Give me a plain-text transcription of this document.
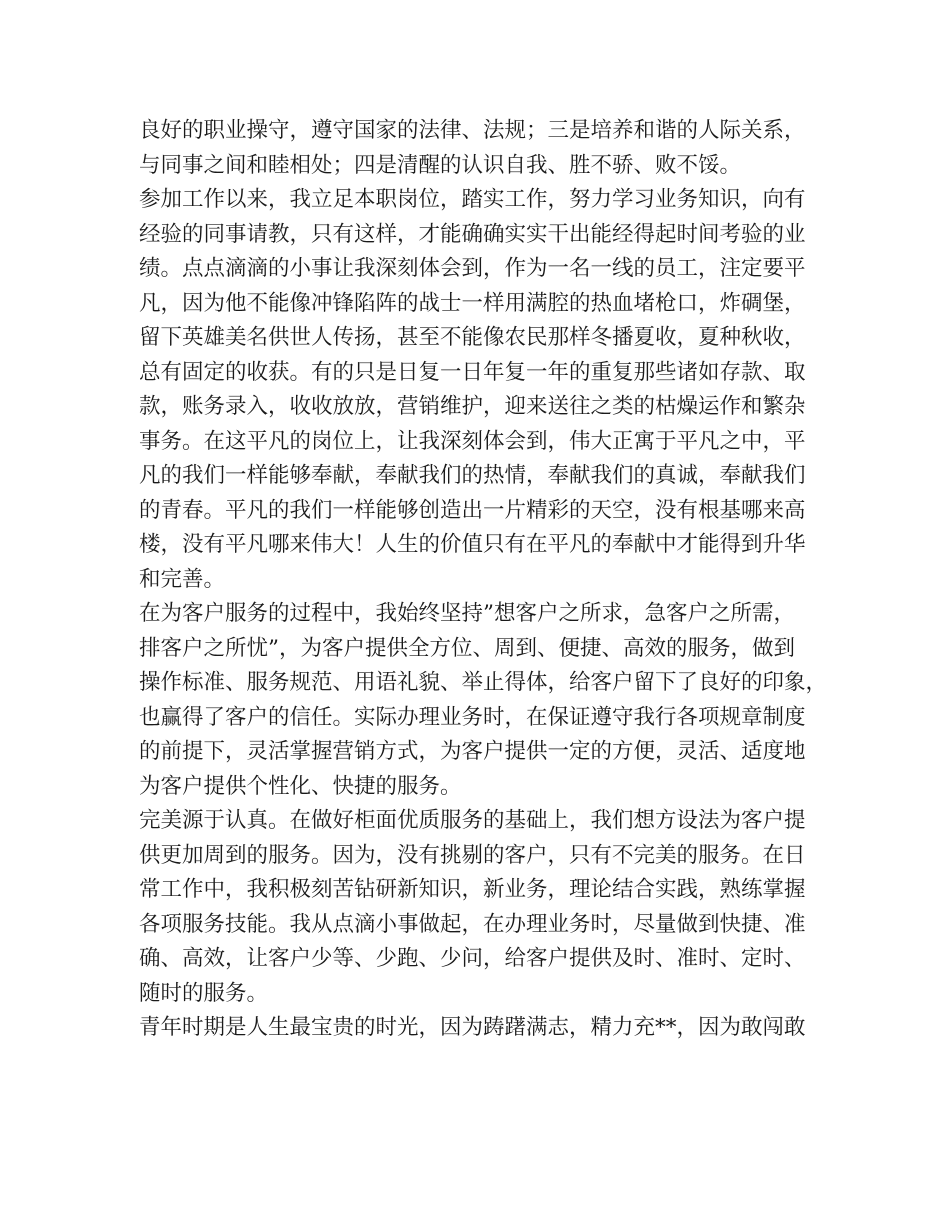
良好的职业操守，遵守国家的法律、法规；三是培养和谐的人际关系，
与同事之间和睦相处；四是清醒的认识自我、胜不骄、败不馁。
参加工作以来，我立足本职岗位，踏实工作，努力学习业务知识，向有
经验的同事请教，只有这样，才能确确实实干出能经得起时间考验的业
绩。点点滴滴的小事让我深刻体会到，作为一名一线的员工，注定要平
凡，因为他不能像冲锋陷阵的战士一样用满腔的热血堵枪口，炸碉堡，
留下英雄美名供世人传扬，甚至不能像农民那样冬播夏收，夏种秋收，
总有固定的收获。有的只是日复一日年复一年的重复那些诸如存款、取
款，账务录入，收收放放，营销维护，迎来送往之类的枯燥运作和繁杂
事务。在这平凡的岗位上，让我深刻体会到，伟大正寓于平凡之中，平
凡的我们一样能够奉献，奉献我们的热情，奉献我们的真诚，奉献我们
的青春。平凡的我们一样能够创造出一片精彩的天空，没有根基哪来高
楼，没有平凡哪来伟大！人生的价值只有在平凡的奉献中才能得到升华
和完善。
在为客户服务的过程中，我始终坚持”想客户之所求，急客户之所需，
排客户之所忧”，为客户提供全方位、周到、便捷、高效的服务，做到
操作标准、服务规范、用语礼貌、举止得体，给客户留下了良好的印象，
也赢得了客户的信任。实际办理业务时，在保证遵守我行各项规章制度
的前提下，灵活掌握营销方式，为客户提供一定的方便，灵活、适度地
为客户提供个性化、快捷的服务。
完美源于认真。在做好柜面优质服务的基础上，我们想方设法为客户提
供更加周到的服务。因为，没有挑剔的客户，只有不完美的服务。在日
常工作中，我积极刻苦钻研新知识，新业务，理论结合实践，熟练掌握
各项服务技能。我从点滴小事做起，在办理业务时，尽量做到快捷、准
确、高效，让客户少等、少跑、少问，给客户提供及时、准时、定时、
随时的服务。
青年时期是人生最宝贵的时光，因为踌躇满志，精力充**，因为敢闯敢
